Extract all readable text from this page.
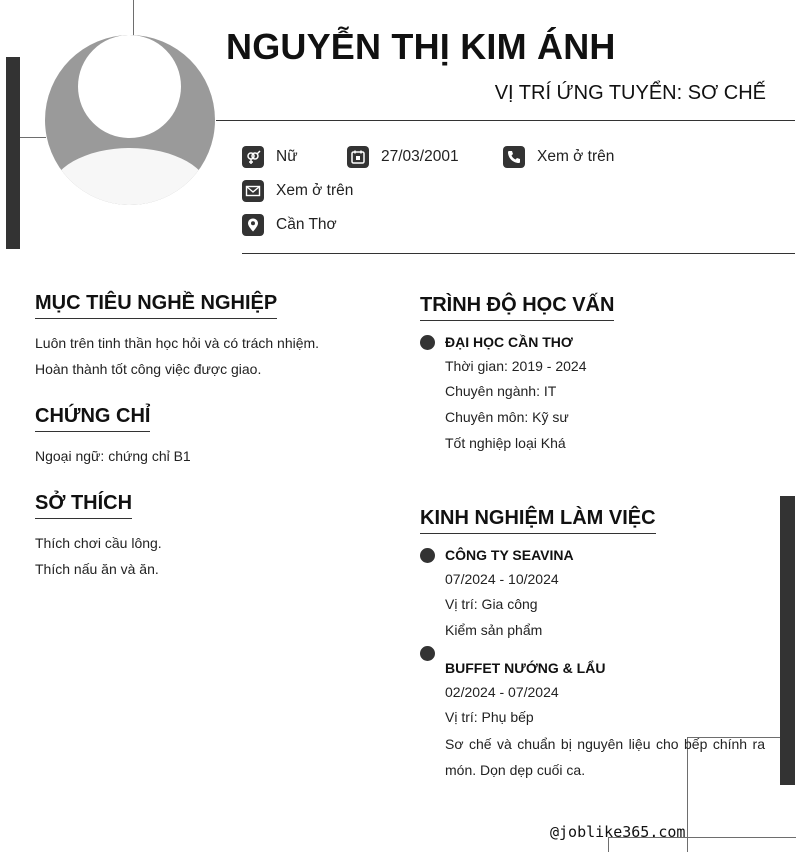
NGUYỄN THỊ KIM ÁNH
VỊ TRÍ ỨNG TUYỂN: SƠ CHẾ
Nữ	27/03/2001	Xem ở trên
Xem ở trên
Cần Thơ
MỤC TIÊU NGHỀ NGHIỆP
Luôn trên tinh thần học hỏi và có trách nhiệm.
Hoàn thành tốt công việc được giao.
CHỨNG CHỈ
Ngoại ngữ: chứng chỉ B1
SỞ THÍCH
Thích chơi cầu lông.
Thích nấu ăn và ăn.
TRÌNH ĐỘ HỌC VẤN
ĐẠI HỌC CẦN THƠ
Thời gian: 2019 - 2024
Chuyên ngành: IT
Chuyên môn: Kỹ sư
Tốt nghiệp loại Khá
KINH NGHIỆM LÀM VIỆC
CÔNG TY SEAVINA
07/2024 - 10/2024
Vị trí: Gia công
Kiểm sản phẩm
BUFFET NƯỚNG & LẨU
02/2024 - 07/2024
Vị trí: Phụ bếp
Sơ chế và chuẩn bị nguyên liệu cho bếp chính ra món. Dọn dẹp cuối ca.
@joblike365.com
